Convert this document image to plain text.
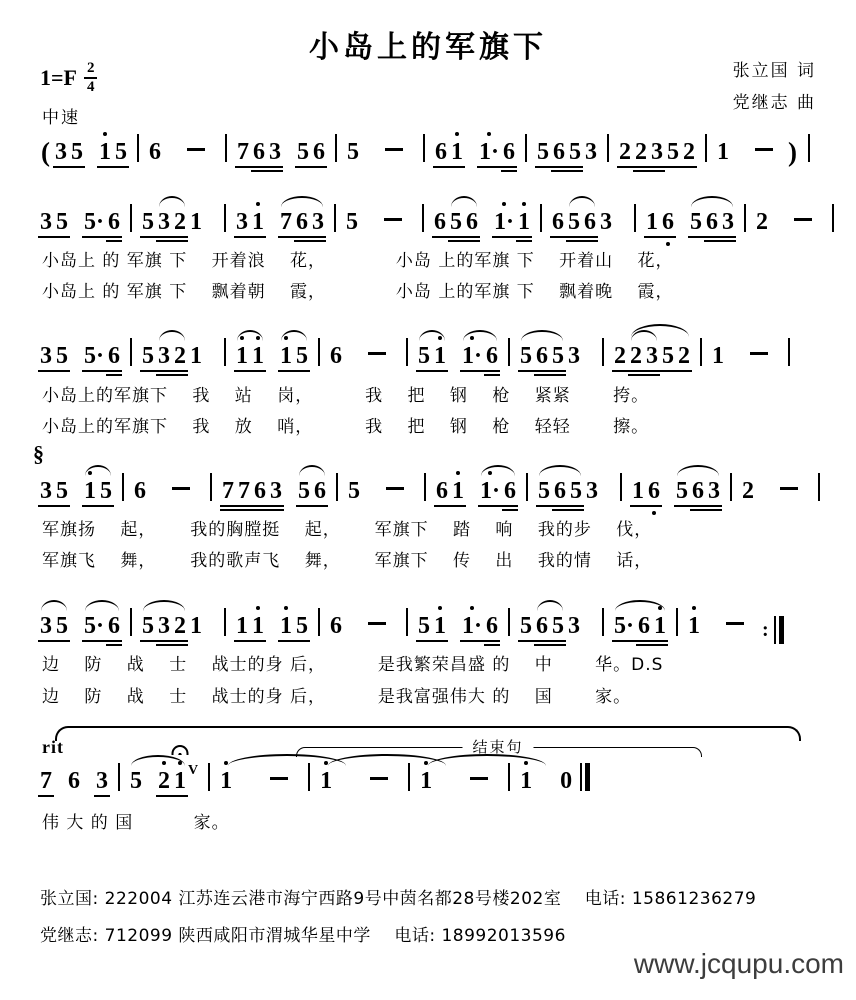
小岛上的军旗下
张立国 词
党继志 曲
$1=F \frac{2}{4}$
中速
( 3 5 1 5 6	7 6 3 5 6 5	6 1 1· 6 5 6 5 3 2 2 3 5 2 1 )
3 5 5· 6 5 3 2 1 3 1 7 6 3 5	6 5 6 1· 1 6 5 6 3 1 6 5 6 3 2
小岛上 的 军旗 下　 开着浪　 花，　　　　 小岛 上的军旗 下　 开着山　 花，
小岛上 的 军旗 下　 飘着朝　 霞，　　　　 小岛 上的军旗 下　 飘着晚　 霞，
3 5 5· 6 5 3 2 1 1 1 1 5 6	5 1 1· 6 5 6 5 3 2 2 3 5 2 1
小岛上的军旗下　 我　 站　 岗，　　　 我　 把　 钢　 枪　 紧紧　　 挎。
小岛上的军旗下　 我　 放　 哨，　　　 我　 把　 钢　 枪　 轻轻　　 擦。
§
3 5 1 5 6	7 7 6 3 5 6 5	6 1 1· 6 5 6 5 3 1 6 5 6 3 2
军旗扬　 起，　　 我的胸膛挺　 起，　　 军旗下　 踏　 响　 我的步　 伐，
军旗飞　 舞，　　 我的歌声飞　 舞，　　 军旗下　 传　 出　 我的情　 话，
3 5 5· 6 5 3 2 1 1 1 1 5 6	5 1 1· 6 5 6 5 3 5· 6 1 1	:
边　 防　 战　 士　 战士的身 后，　　　 是我繁荣昌盛 的　 中　　 华。D.S
边　 防　 战　 士　 战士的身 后，　　　 是我富强伟大 的　 国　　 家。
rit	结束句
7 6 3 5 2 1 $^V$ 1	1	1	1 0
伟 大 的 国　　　 家。
张立国: 222004 江苏连云港市海宁西路9号中茵名都28号楼202室　 电话: 15861236279
党继志: 712099 陕西咸阳市渭城华星中学　 电话: 18992013596
www.jcqupu.com
